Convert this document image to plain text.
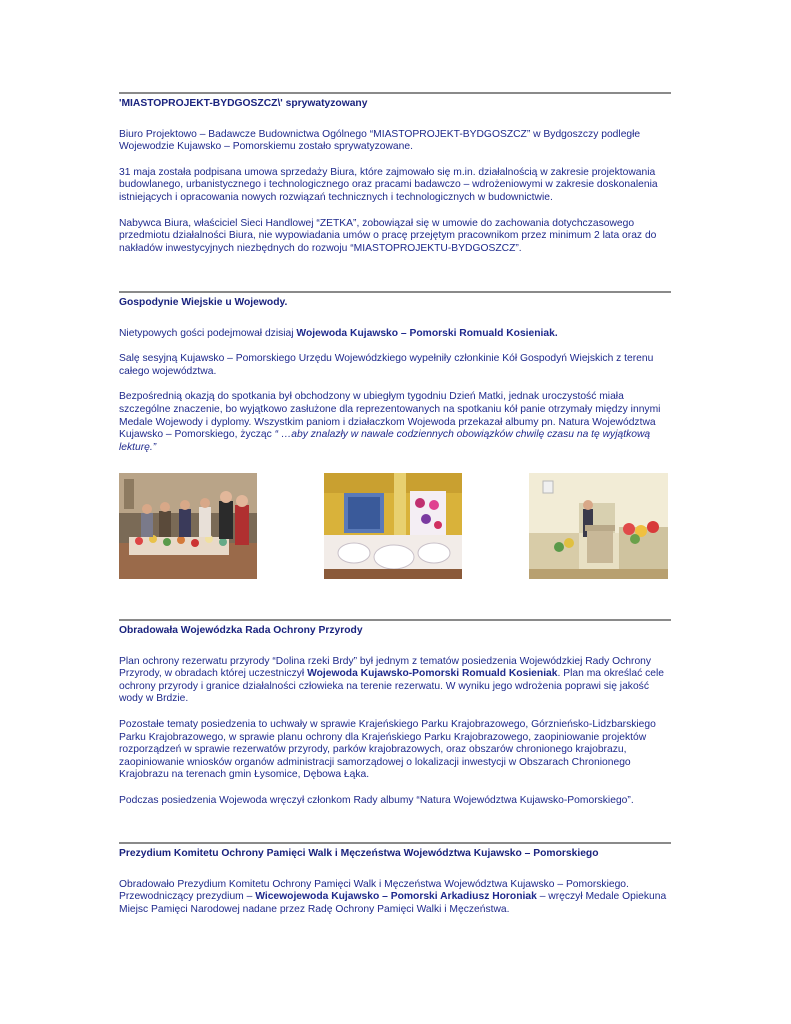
'MIASTOPROJEKT-BYDGOSZCZ\' sprywatyzowany

Biuro Projektowo – Badawcze Budownictwa Ogólnego “MIASTOPROJEKT-BYDGOSZCZ” w Bydgoszczy podległe Wojewodzie Kujawsko – Pomorskiemu zostało sprywatyzowane.

31 maja została podpisana umowa sprzedaży Biura, które zajmowało się m.in. działalnością w zakresie projektowania budowlanego, urbanistycznego i technologicznego oraz pracami badawczo – wdrożeniowymi w zakresie doskonalenia istniejących i opracowania nowych rozwiązań technicznych i technologicznych w budownictwie.

Nabywca Biura, właściciel Sieci Handlowej “ZETKA”, zobowiązał się w umowie do zachowania dotychczasowego przedmiotu działalności Biura, nie wypowiadania umów o pracę przejętym pracownikom przez minimum 2 lata oraz do nakładów inwestycyjnych niezbędnych do rozwoju “MIASTOPROJEKTU-BYDGOSZCZ”.

Gospodynie Wiejskie u Wojewody.

Nietypowych gości podejmował dzisiaj Wojewoda Kujawsko – Pomorski Romuald Kosieniak.

Salę sesyjną Kujawsko – Pomorskiego Urzędu Wojewódzkiego wypełniły członkinie Kół Gospodyń Wiejskich z terenu całego województwa.

Bezpośrednią okazją do spotkania był obchodzony w ubiegłym tygodniu Dzień Matki, jednak uroczystość miała szczególne znaczenie, bo wyjątkowo zasłużone dla reprezentowanych na spotkaniu kół panie otrzymały między innymi Medale Wojewody i dyplomy. Wszystkim paniom i działaczkom Wojewoda przekazał albumy pn. Natura Województwa Kujawsko – Pomorskiego, życząc “ …aby znalazły w nawale codziennych obowiązków chwilę czasu na tę wyjątkową lekturę.”

Obradowała Wojewódzka Rada Ochrony Przyrody

Plan ochrony rezerwatu przyrody “Dolina rzeki Brdy” był jednym z tematów posiedzenia Wojewódzkiej Rady Ochrony Przyrody, w obradach której uczestniczył Wojewoda Kujawsko-Pomorski Romuald Kosieniak. Plan ma określać cele ochrony przyrody i granice działalności człowieka na terenie rezerwatu. W wyniku jego wdrożenia poprawi się jakość wody w Brdzie.

Pozostałe tematy posiedzenia to uchwały w sprawie Krajeńskiego Parku Krajobrazowego, Górznieńsko-Lidzbarskiego Parku Krajobrazowego, w sprawie planu ochrony dla Krajeńskiego Parku Krajobrazowego, zaopiniowanie projektów rozporządzeń w sprawie rezerwatów przyrody, parków krajobrazowych, oraz obszarów chronionego krajobrazu, zaopiniowanie wniosków organów administracji samorządowej o lokalizacji inwestycji w Obszarach Chronionego Krajobrazu na terenach gmin Łysomice, Dębowa Łąka.

Podczas posiedzenia Wojewoda wręczył członkom Rady albumy “Natura Województwa Kujawsko-Pomorskiego”.

Prezydium Komitetu Ochrony Pamięci Walk i Męczeństwa Województwa Kujawsko – Pomorskiego

Obradowało Prezydium Komitetu Ochrony Pamięci Walk i Męczeństwa Województwa Kujawsko – Pomorskiego. Przewodniczący prezydium – Wicewojewoda Kujawsko – Pomorski Arkadiusz Horoniak – wręczył Medale Opiekuna Miejsc Pamięci Narodowej nadane przez Radę Ochrony Pamięci Walki i Męczeństwa.
